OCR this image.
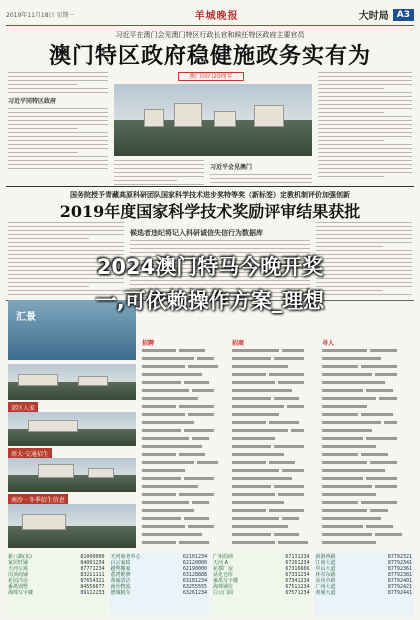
2019年11月18日 星期一	羊城晚报	大时局 A3
习近平在澳门会见澳门特区行政长官和候任特区政府主要官员
澳门特区政府稳健施政务实有为
澳门回归20周年
习近平同特区政府
习近平会见澳门
国务院授予青藏高原科研团队国家科学技术进步奖特等奖（新标签）定教机制评价加强创新
2019年度国家科学技术奖励评审结果获批
候选者违纪将记入科研诚信失信行为数据库
汇景
郊区人家
周大·交通招生
南沙 · 冬季招生信息
招聘	招商	寻人
新八路(东)	81000000
家居旺铺	84001234
天河公寓	87771234
岗顶商铺	83211111
花园洋房	87654321
番禺别墅	84556677
海珠写字楼	89112233
天河商务中心	62101234
白云家政	62120000
越秀搬家	62190000
荔湾维修	63128888
黄埔清洁	63181234
南沙物流	63255555
增城租车	63261234
广州招商	67131234
天河 A	67261234
花都厂房	67316666
从化仓库	67331234
番禺写字楼	67341234
海珠铺位	67511234
白云门面	67571234
新港西路	87792321
江南大道	87792341
中山大道	87792361
环市东路	87792381
东风中路	87792401
广州大道	87792421
黄埔大道	87792441
2024澳门特马今晚开奖
一,可依赖操作方案_理想
